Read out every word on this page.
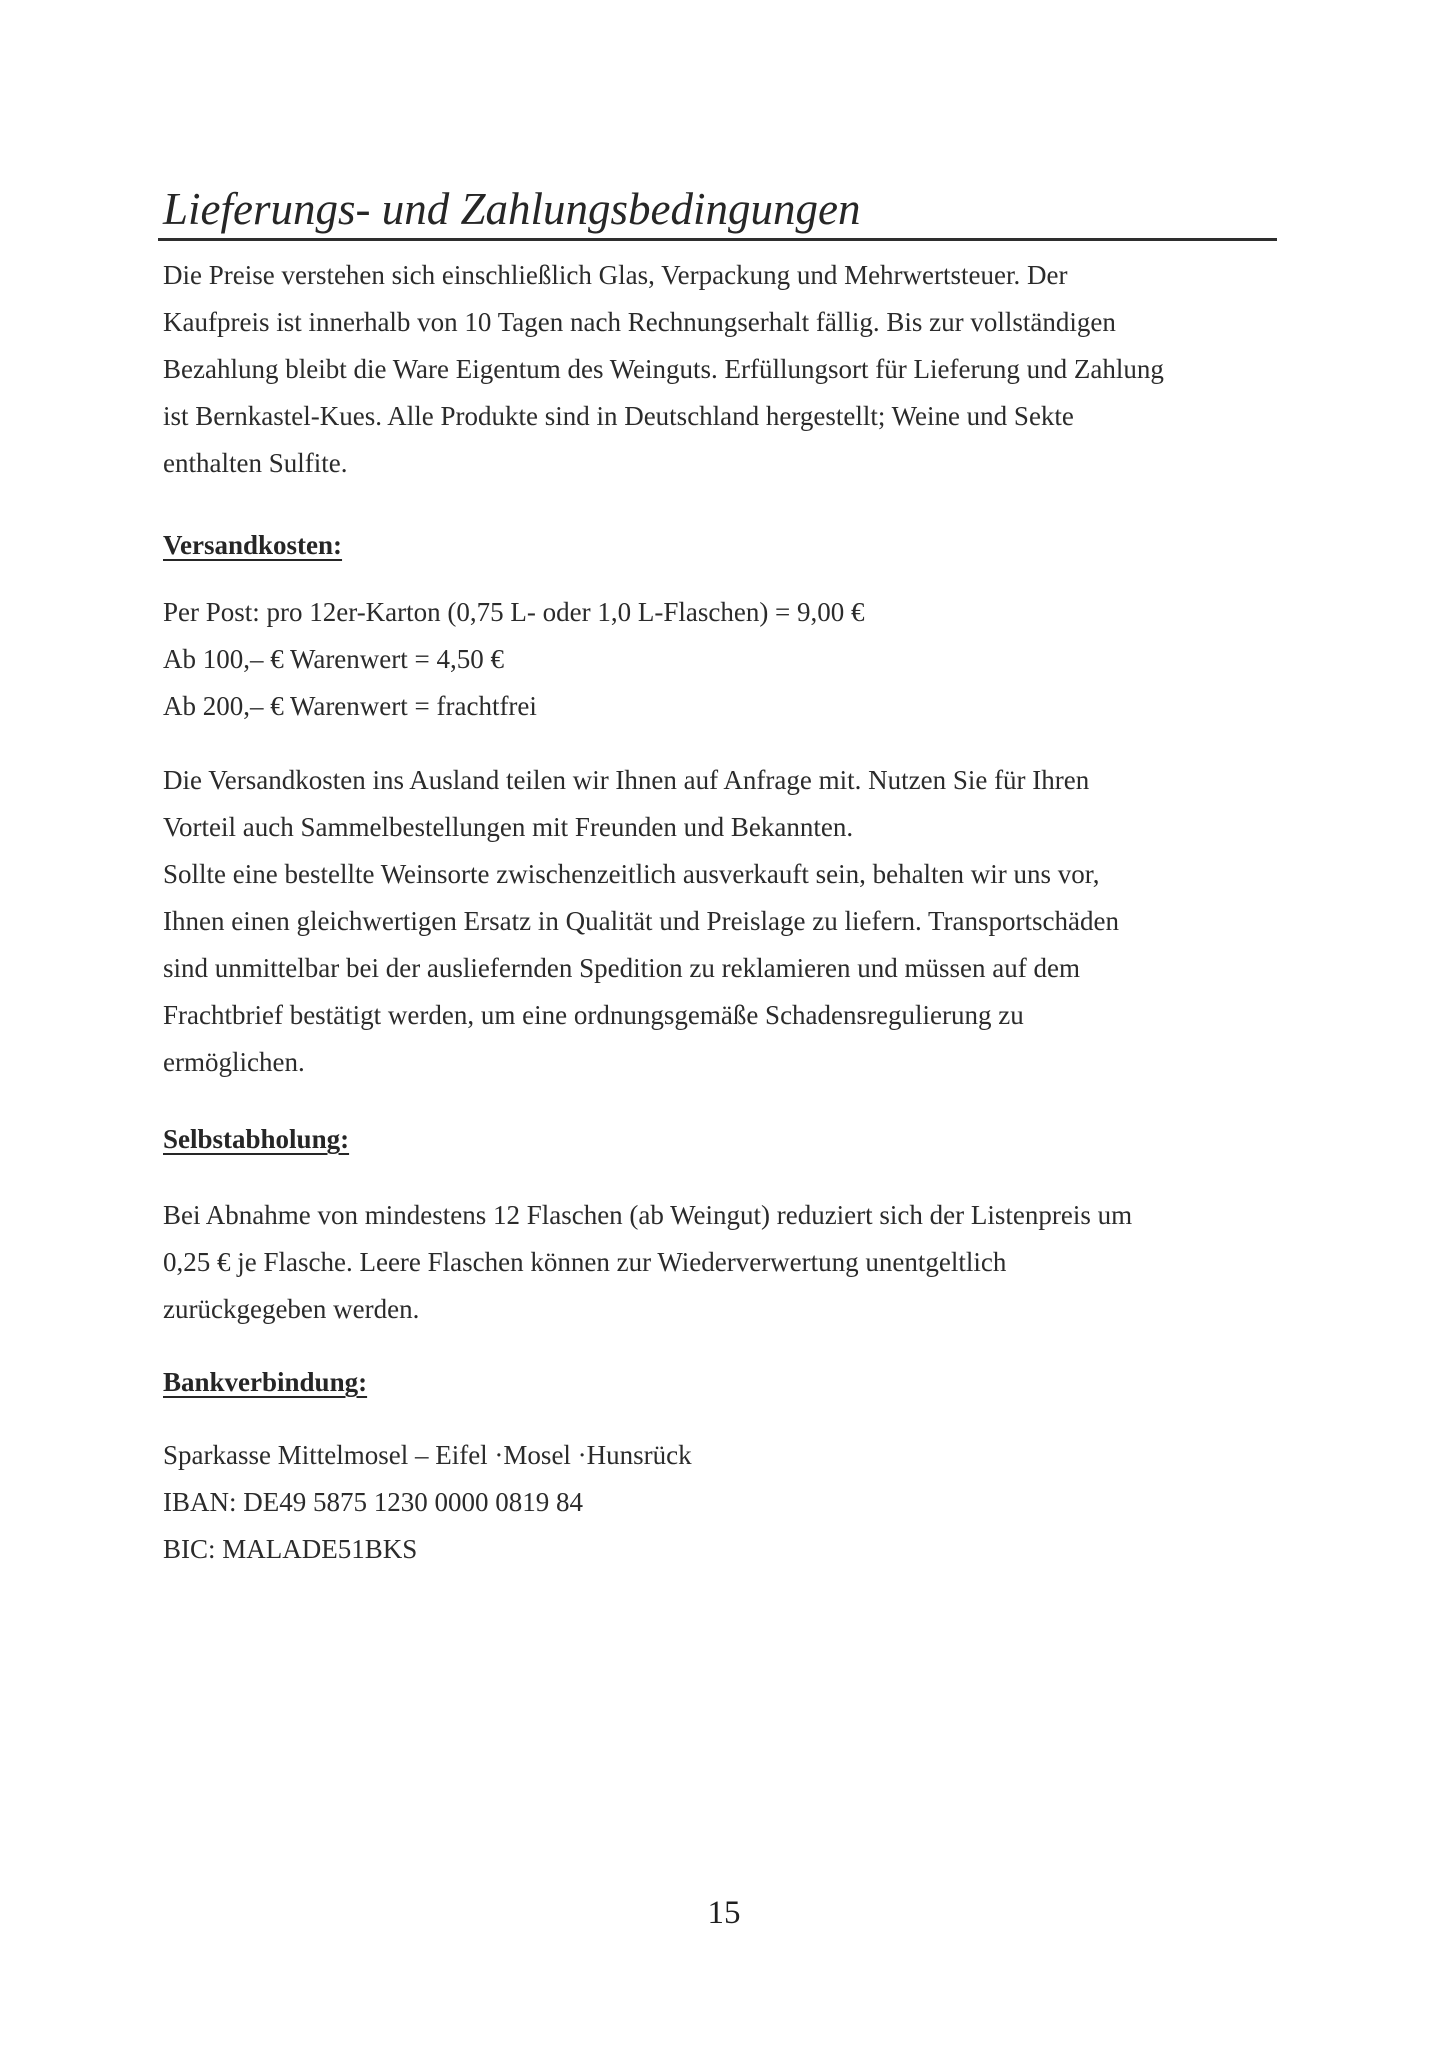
Lieferungs- und Zahlungsbedingungen
Die Preise verstehen sich einschließlich Glas, Verpackung und Mehrwertsteuer. Der
Kaufpreis ist innerhalb von 10 Tagen nach Rechnungserhalt fällig. Bis zur vollständigen
Bezahlung bleibt die Ware Eigentum des Weinguts. Erfüllungsort für Lieferung und Zahlung
ist Bernkastel-Kues. Alle Produkte sind in Deutschland hergestellt; Weine und Sekte
enthalten Sulfite.
Versandkosten:
Per Post: pro 12er-Karton (0,75 L- oder 1,0 L-Flaschen) = 9,00 €
Ab 100,– € Warenwert = 4,50 €
Ab 200,– € Warenwert = frachtfrei
Die Versandkosten ins Ausland teilen wir Ihnen auf Anfrage mit. Nutzen Sie für Ihren
Vorteil auch Sammelbestellungen mit Freunden und Bekannten.
Sollte eine bestellte Weinsorte zwischenzeitlich ausverkauft sein, behalten wir uns vor,
Ihnen einen gleichwertigen Ersatz in Qualität und Preislage zu liefern. Transportschäden
sind unmittelbar bei der ausliefernden Spedition zu reklamieren und müssen auf dem
Frachtbrief bestätigt werden, um eine ordnungsgemäße Schadensregulierung zu
ermöglichen.
Selbstabholung:
Bei Abnahme von mindestens 12 Flaschen (ab Weingut) reduziert sich der Listenpreis um
0,25 € je Flasche. Leere Flaschen können zur Wiederverwertung unentgeltlich
zurückgegeben werden.
Bankverbindung:
Sparkasse Mittelmosel – Eifel ·Mosel ·Hunsrück
IBAN: DE49 5875 1230 0000 0819 84
BIC: MALADE51BKS
15
